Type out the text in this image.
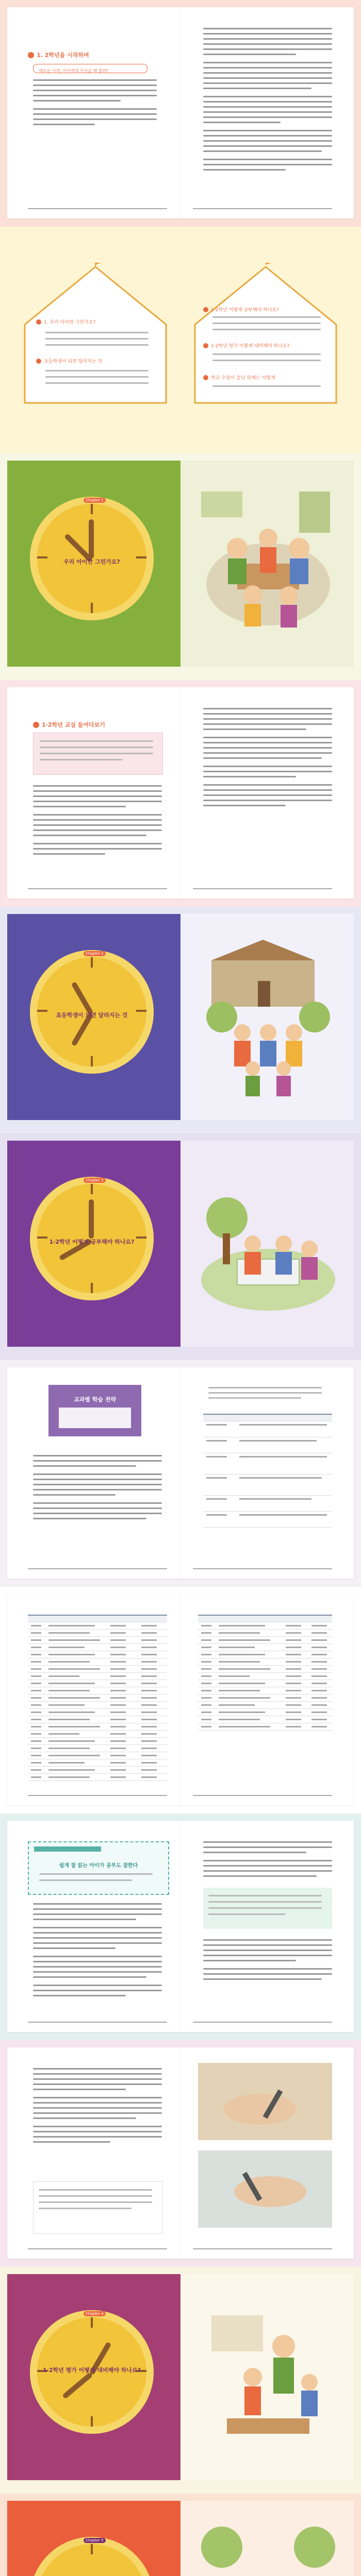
1. 2학년을 시작하며
새로운 시작, 아이에게 무엇을 해 줄까?
1. 우리 아이만 그런가요?
초등학생이 되면 달라지는 것
1·2학년 어떻게 공부해야 하나요?
1·2학년 평가 어떻게 대비해야 하나요?
학교 수업이 끝난 뒤에는 어떻게
Chapter 1
우리 아이만 그런가요?
1·2학년 교실 들여다보기
Chapter 2
초등학생이 되면 달라지는 것
Chapter 3
1·2학년 어떻게 공부해야 하나요?
교과별 학습 전략
쉽게 잘 읽는 아이가 공부도 잘한다
Chapter 4
1·2학년 평가 어떻게 대비해야 하나요?
Chapter 5
